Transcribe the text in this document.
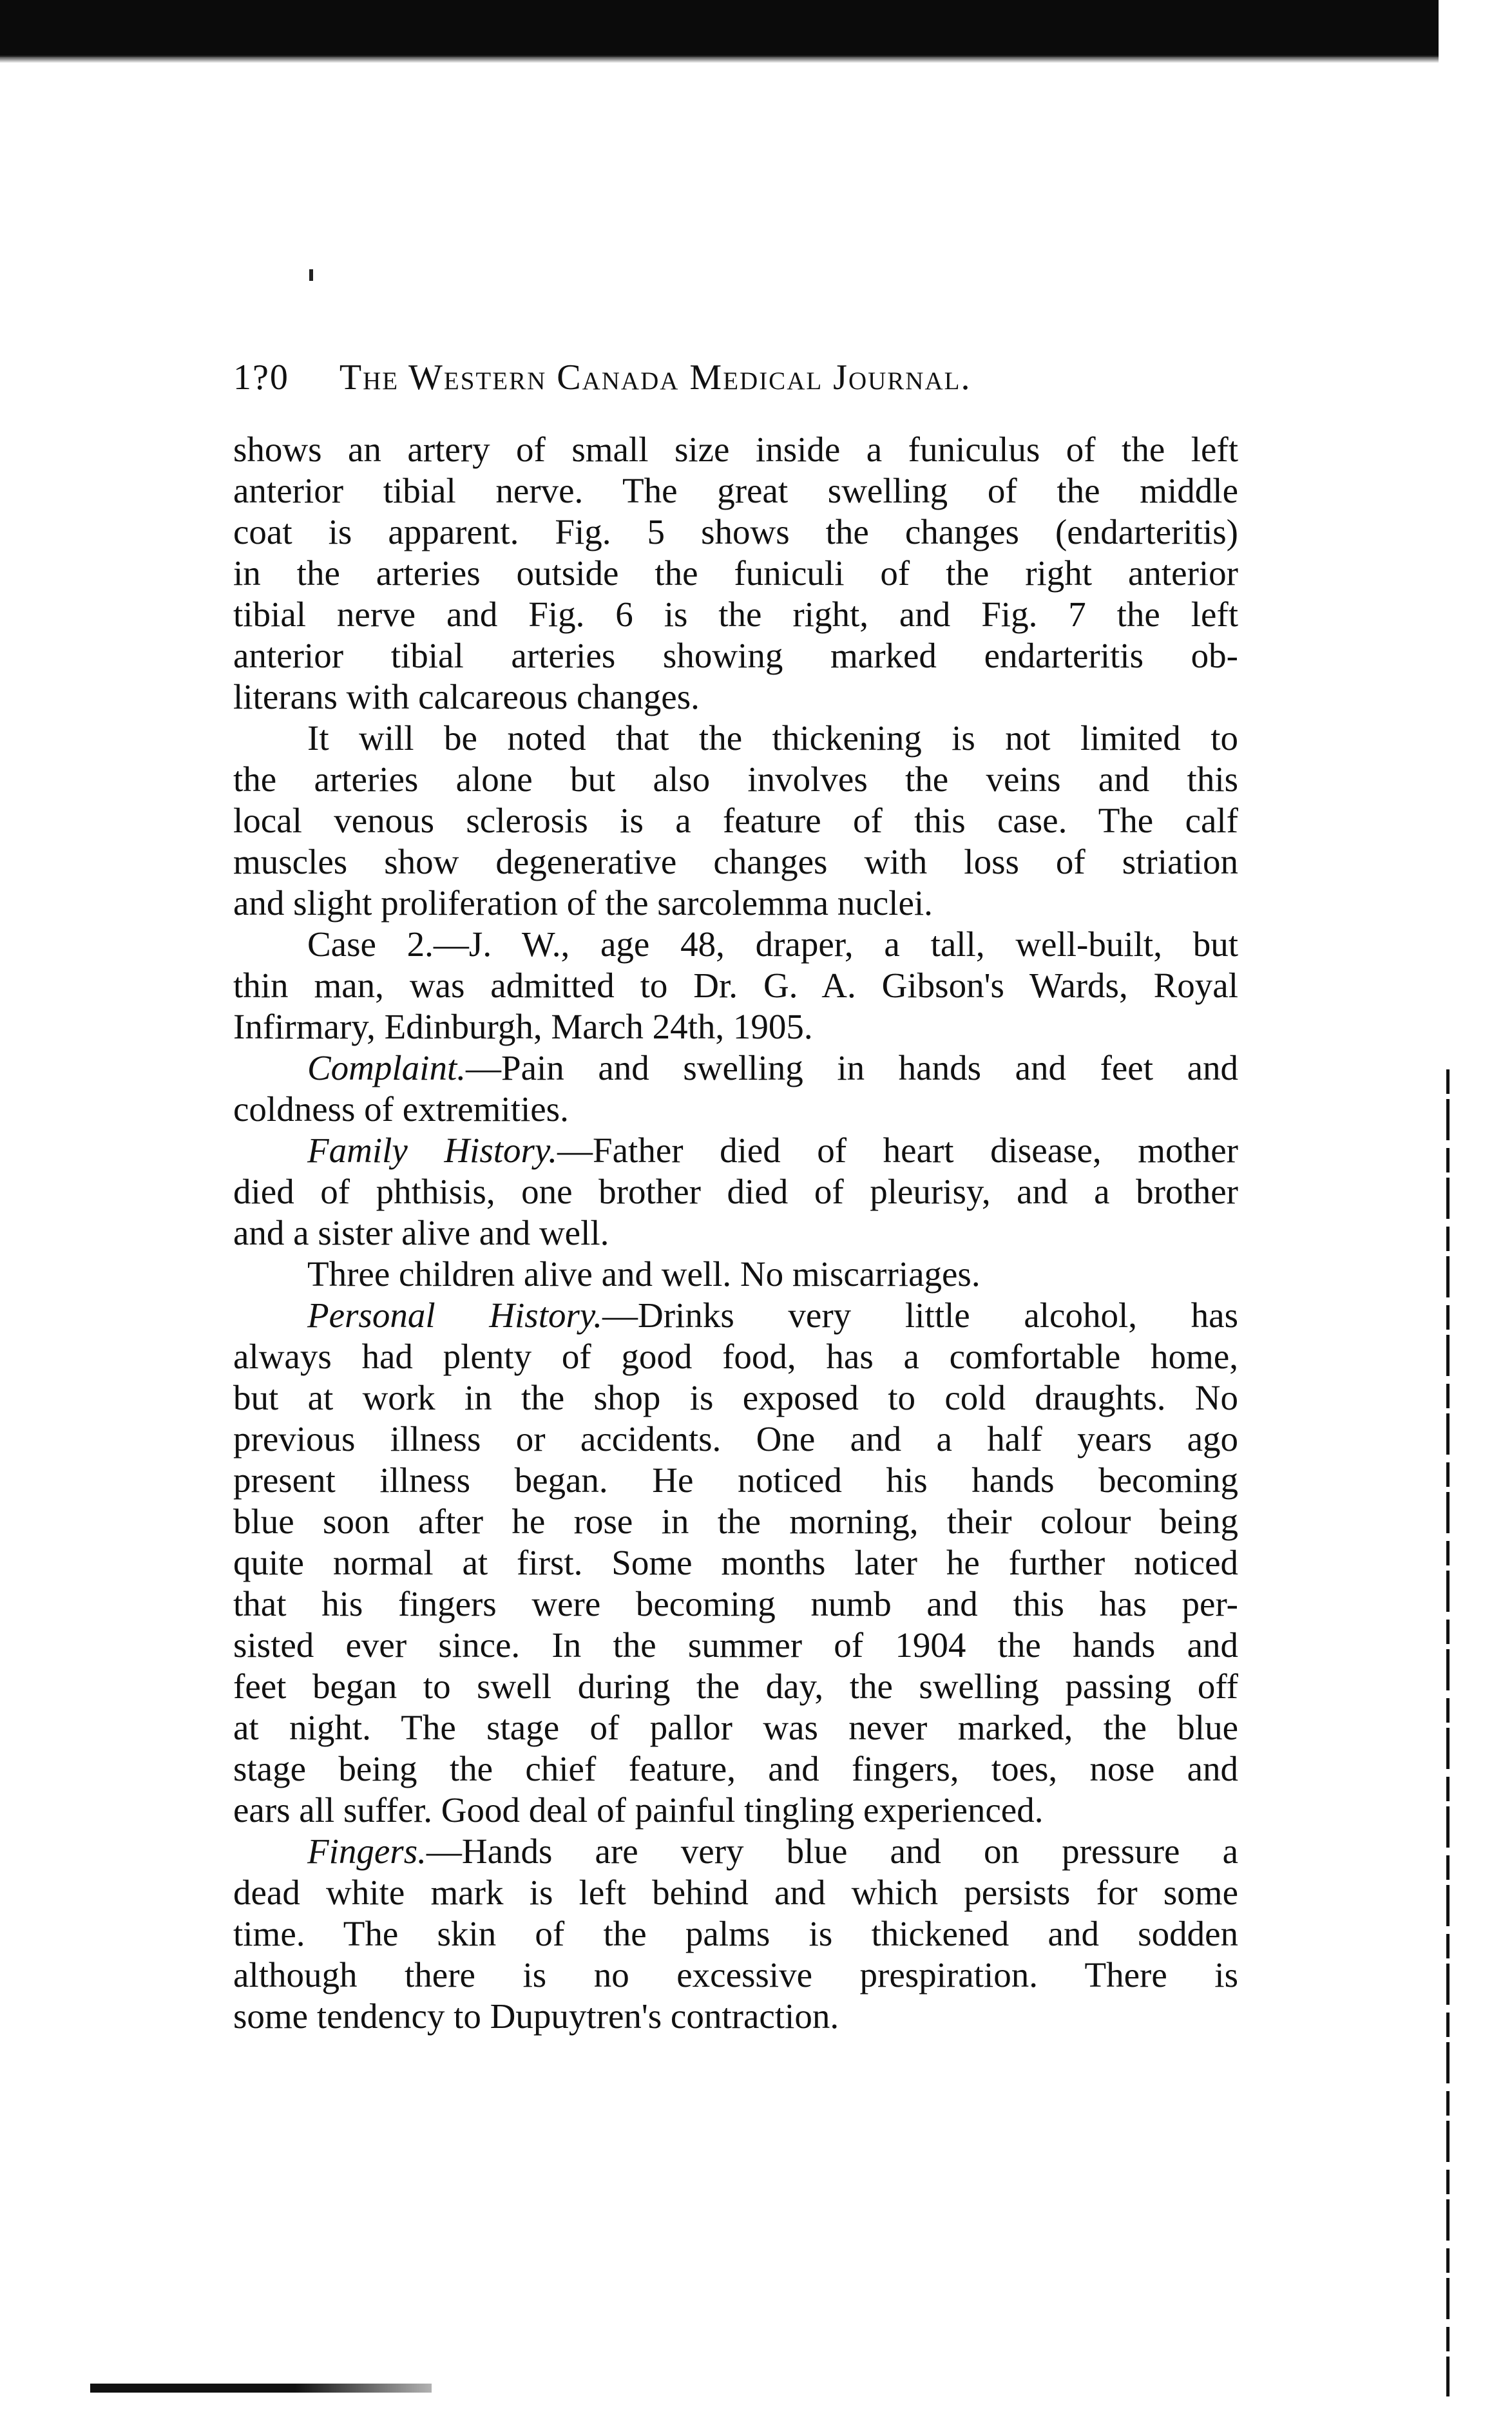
1?0 The Western Canada Medical Journal.
shows an artery of small size inside a funiculus of the left
anterior tibial nerve. The great swelling of the middle
coat is apparent. Fig. 5 shows the changes (endarteritis)
in the arteries outside the funiculi of the right anterior
tibial nerve and Fig. 6 is the right, and Fig. 7 the left
anterior tibial arteries showing marked endarteritis ob-
literans with calcareous changes.
It will be noted that the thickening is not limited to
the arteries alone but also involves the veins and this
local venous sclerosis is a feature of this case. The calf
muscles show degenerative changes with loss of striation
and slight proliferation of the sarcolemma nuclei.
Case 2.—J. W., age 48, draper, a tall, well-built, but
thin man, was admitted to Dr. G. A. Gibson's Wards, Royal
Infirmary, Edinburgh, March 24th, 1905.
Complaint.—Pain and swelling in hands and feet and
coldness of extremities.
Family History.—Father died of heart disease, mother
died of phthisis, one brother died of pleurisy, and a brother
and a sister alive and well.
Three children alive and well. No miscarriages.
Personal History.—Drinks very little alcohol, has
always had plenty of good food, has a comfortable home,
but at work in the shop is exposed to cold draughts. No
previous illness or accidents. One and a half years ago
present illness began. He noticed his hands becoming
blue soon after he rose in the morning, their colour being
quite normal at first. Some months later he further noticed
that his fingers were becoming numb and this has per-
sisted ever since. In the summer of 1904 the hands and
feet began to swell during the day, the swelling passing off
at night. The stage of pallor was never marked, the blue
stage being the chief feature, and fingers, toes, nose and
ears all suffer. Good deal of painful tingling experienced.
Fingers.—Hands are very blue and on pressure a
dead white mark is left behind and which persists for some
time. The skin of the palms is thickened and sodden
although there is no excessive prespiration. There is
some tendency to Dupuytren's contraction.
